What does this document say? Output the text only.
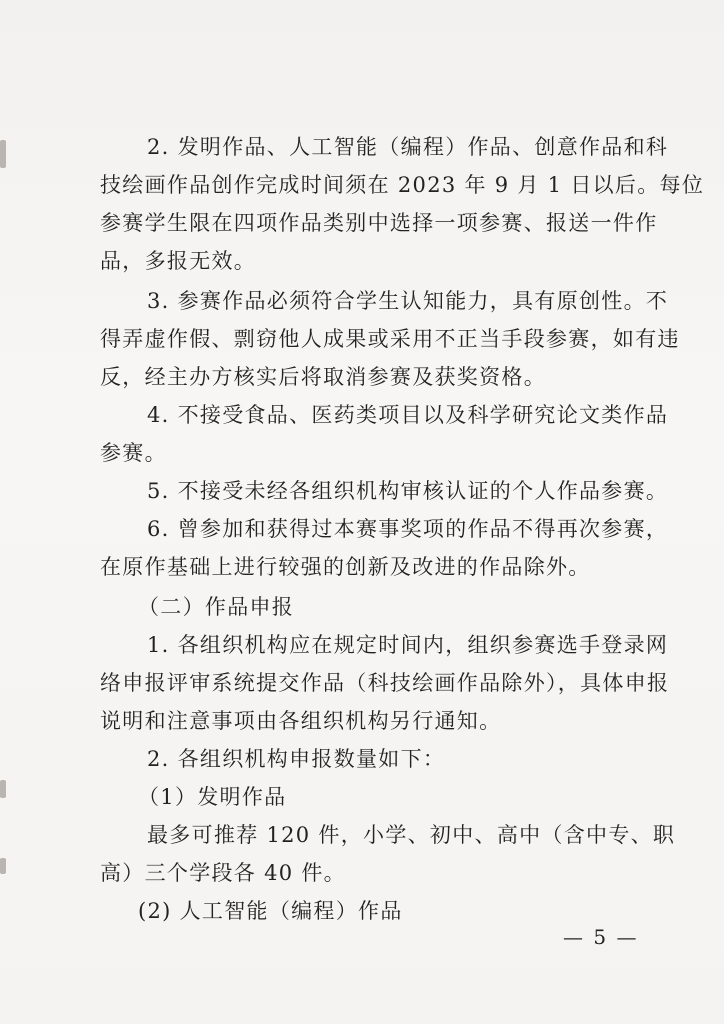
2. 发明作品、人工智能（编程）作品、创意作品和科
技绘画作品创作完成时间须在 2023 年 9 月 1 日以后。每位
参赛学生限在四项作品类别中选择一项参赛、报送一件作
品，多报无效。
3. 参赛作品必须符合学生认知能力，具有原创性。不
得弄虚作假、剽窃他人成果或采用不正当手段参赛，如有违
反，经主办方核实后将取消参赛及获奖资格。
4. 不接受食品、医药类项目以及科学研究论文类作品
参赛。
5. 不接受未经各组织机构审核认证的个人作品参赛。
6. 曾参加和获得过本赛事奖项的作品不得再次参赛，
在原作基础上进行较强的创新及改进的作品除外。
（二）作品申报
1. 各组织机构应在规定时间内，组织参赛选手登录网
络申报评审系统提交作品（科技绘画作品除外），具体申报
说明和注意事项由各组织机构另行通知。
2. 各组织机构申报数量如下：
（1）发明作品
最多可推荐 120 件，小学、初中、高中（含中专、职
高）三个学段各 40 件。
(2) 人工智能（编程）作品
— 5 —
